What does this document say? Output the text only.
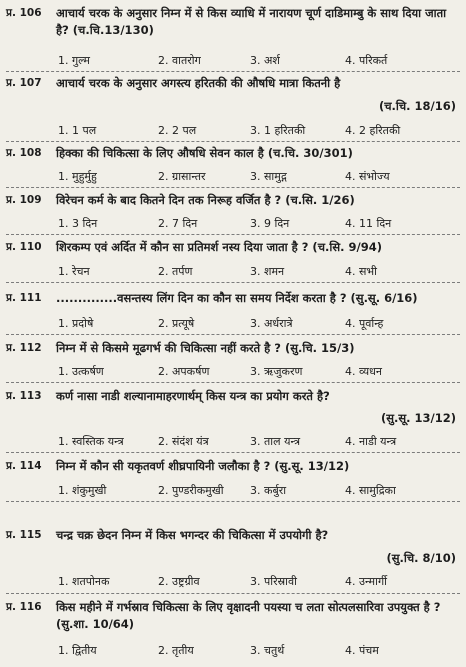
प्र. 106 आचार्य चरक के अनुसार निम्न में से किस व्याधि में नारायण चूर्ण दाडिमाम्बु के साथ दिया जाता है? (च.चि.13/130)
1. गुल्म	2. वातरोग	3. अर्श	4. परिकर्त
प्र. 107 आचार्य चरक के अनुसार अगस्त्य हरितकी की औषधि मात्रा कितनी है
(च.चि. 18/16)
1. 1 पल	2. 2 पल	3. 1 हरितकी	4. 2 हरितकी
प्र. 108 हिक्का की चिकित्सा के लिए औषधि सेवन काल है (च.चि. 30/301)
1. मुहुर्मुहु	2. ग्रासान्तर	3. सामुद्ग	4. संभोज्य
प्र. 109 विरेचन कर्म के बाद कितने दिन तक निरूह वर्जित है ? (च.सि. 1/26)
1. 3 दिन	2. 7 दिन	3. 9 दिन	4. 11 दिन
प्र. 110 शिरकम्प एवं अर्दित में कौन सा प्रतिमर्श नस्य दिया जाता है ? (च.सि. 9/94)
1. रेचन	2. तर्पण	3. शमन	4. सभी
प्र. 111 ..............वसन्तस्य लिंग दिन का कौन सा समय निर्देश करता है ? (सु.सू. 6/16)
1. प्रदोषे	2. प्रत्यूषे	3. अर्धरात्रे	4. पूर्वान्ह
प्र. 112 निम्न में से किसमे मूढगर्भ की चिकित्सा नहीं करते है ? (सु.चि. 15/3)
1. उत्कर्षण	2. अपकर्षण	3. ऋजुकरण	4. व्यधन
प्र. 113 कर्ण नासा नाडी शल्यानामाहरणार्थम् किस यन्त्र का प्रयोग करते है?
(सु.सू. 13/12)
1. स्वस्तिक यन्त्र	2. संदंश यंत्र	3. ताल यन्त्र	4. नाडी यन्त्र
प्र. 114 निम्न में कौन सी यकृतवर्ण शीघ्रपायिनी जलौका है ? (सु.सू. 13/12)
1. शंकुमुखी	2. पुण्डरीकमुखी 3. कर्बुरा	4. सामुद्रिका
प्र. 115 चन्द्र चक्र छेदन निम्न में किस भगन्दर की चिकित्सा में उपयोगी है?
(सु.चि. 8/10)
1. शतपोनक	2. उष्ट्रग्रीव	3. परिस्रावी	4. उन्मार्गी
प्र. 116 किस महीने में गर्भस्राव चिकित्सा के लिए वृक्षादनी पयस्या च लता सोत्पलसारिवा उपयुक्त है ? (सु.शा. 10/64)
1. द्वितीय	2. तृतीय	3. चतुर्थ	4. पंचम
